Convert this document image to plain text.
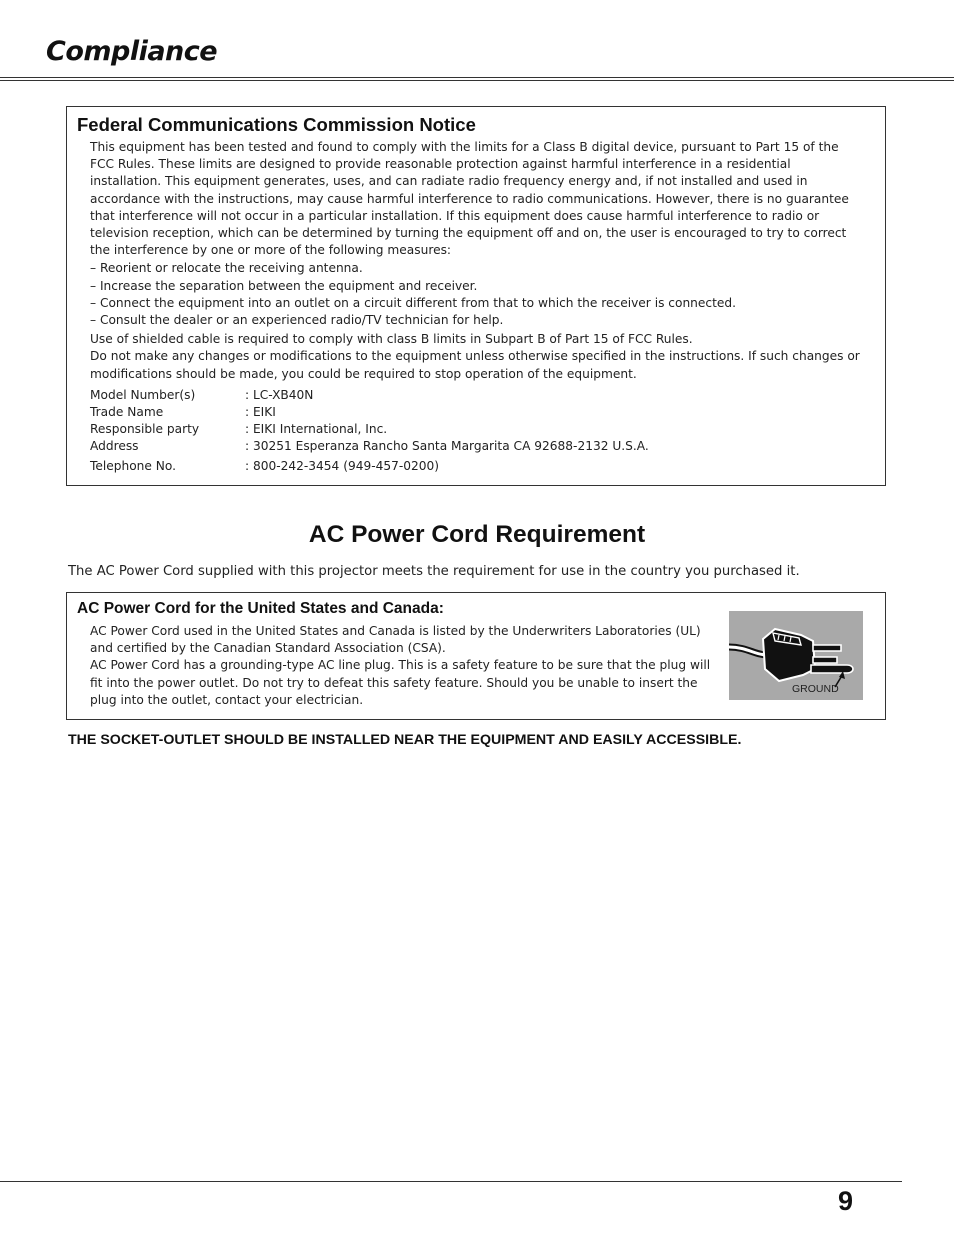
Compliance
Federal Communications Commission Notice

This equipment has been tested and found to comply with the limits for a Class B digital device, pursuant to Part 15 of the FCC Rules. These limits are designed to provide reasonable protection against harmful interference in a residential installation. This equipment generates, uses, and can radiate radio frequency energy and, if not installed and used in accordance with the instructions, may cause harmful interference to radio communications. However, there is no guarantee that interference will not occur in a particular installation. If this equipment does cause harmful interference to radio or television reception, which can be determined by turning the equipment off and on, the user is encouraged to try to correct the interference by one or more of the following measures:

– Reorient or relocate the receiving antenna.
– Increase the separation between the equipment and receiver.
– Connect the equipment into an outlet on a circuit different from that to which the receiver is connected.
– Consult the dealer or an experienced radio/TV technician for help.

Use of shielded cable is required to comply with class B limits in Subpart B of Part 15 of FCC Rules.

Do not make any changes or modifications to the equipment unless otherwise specified in the instructions. If such changes or modifications should be made, you could be required to stop operation of the equipment.

Model Number(s)	: LC-XB40N
Trade Name	: EIKI
Responsible party	: EIKI International, Inc.
Address	: 30251 Esperanza Rancho Santa Margarita CA 92688-2132 U.S.A.
Telephone No.	: 800-242-3454 (949-457-0200)
AC Power Cord Requirement

The AC Power Cord supplied with this projector meets the requirement for use in the country you purchased it.

AC Power Cord for the United States and Canada:

AC Power Cord used in the United States and Canada is listed by the Underwriters Laboratories (UL) and certified by the Canadian Standard Association (CSA).

AC Power Cord has a grounding-type AC line plug. This is a safety feature to be sure that the plug will fit into the power outlet. Do not try to defeat this safety feature. Should you be unable to insert the plug into the outlet, contact your electrician.

GROUND

THE SOCKET-OUTLET SHOULD BE INSTALLED NEAR THE EQUIPMENT AND EASILY ACCESSIBLE.

9
